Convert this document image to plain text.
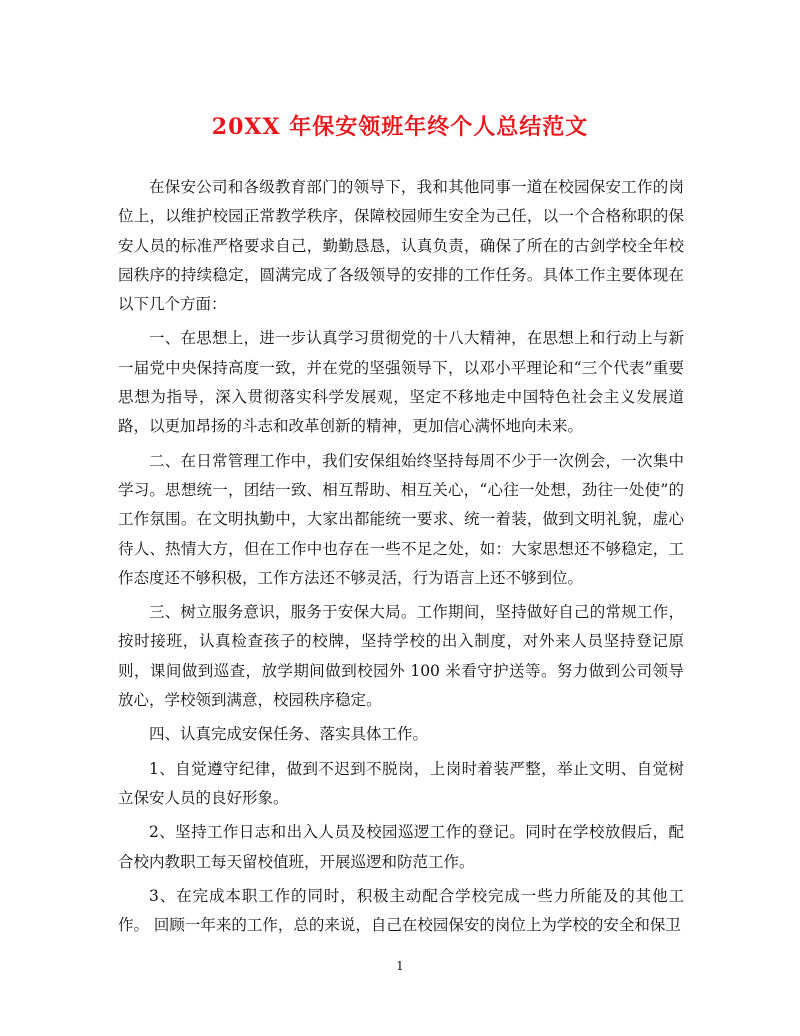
20XX 年保安领班年终个人总结范文

在保安公司和各级教育部门的领导下，我和其他同事一道在校园保安工作的岗位上，以维护校园正常教学秩序，保障校园师生安全为己任，以一个合格称职的保安人员的标准严格要求自己，勤勤恳恳，认真负责，确保了所在的古剑学校全年校园秩序的持续稳定，圆满完成了各级领导的安排的工作任务。具体工作主要体现在以下几个方面：

一、在思想上，进一步认真学习贯彻党的十八大精神，在思想上和行动上与新一届党中央保持高度一致，并在党的坚强领导下，以邓小平理论和“三个代表”重要思想为指导，深入贯彻落实科学发展观，坚定不移地走中国特色社会主义发展道路，以更加昂扬的斗志和改革创新的精神，更加信心满怀地向未来。

二、在日常管理工作中，我们安保组始终坚持每周不少于一次例会，一次集中学习。思想统一，团结一致、相互帮助、相互关心，“心往一处想，劲往一处使”的工作氛围。在文明执勤中，大家出都能统一要求、统一着装，做到文明礼貌，虚心待人、热情大方，但在工作中也存在一些不足之处，如：大家思想还不够稳定，工作态度还不够积极，工作方法还不够灵活，行为语言上还不够到位。

三、树立服务意识，服务于安保大局。工作期间，坚持做好自己的常规工作，按时接班，认真检查孩子的校牌，坚持学校的出入制度，对外来人员坚持登记原则，课间做到巡查，放学期间做到校园外 100 米看守护送等。努力做到公司领导放心，学校领到满意，校园秩序稳定。

四、认真完成安保任务、落实具体工作。

1、自觉遵守纪律，做到不迟到不脱岗，上岗时着装严整，举止文明、自觉树立保安人员的良好形象。

2、坚持工作日志和出入人员及校园巡逻工作的登记。同时在学校放假后，配合校内教职工每天留校值班，开展巡逻和防范工作。

3、在完成本职工作的同时，积极主动配合学校完成一些力所能及的其他工作。 回顾一年来的工作，总的来说，自己在校园保安的岗位上为学校的安全和保卫

1
